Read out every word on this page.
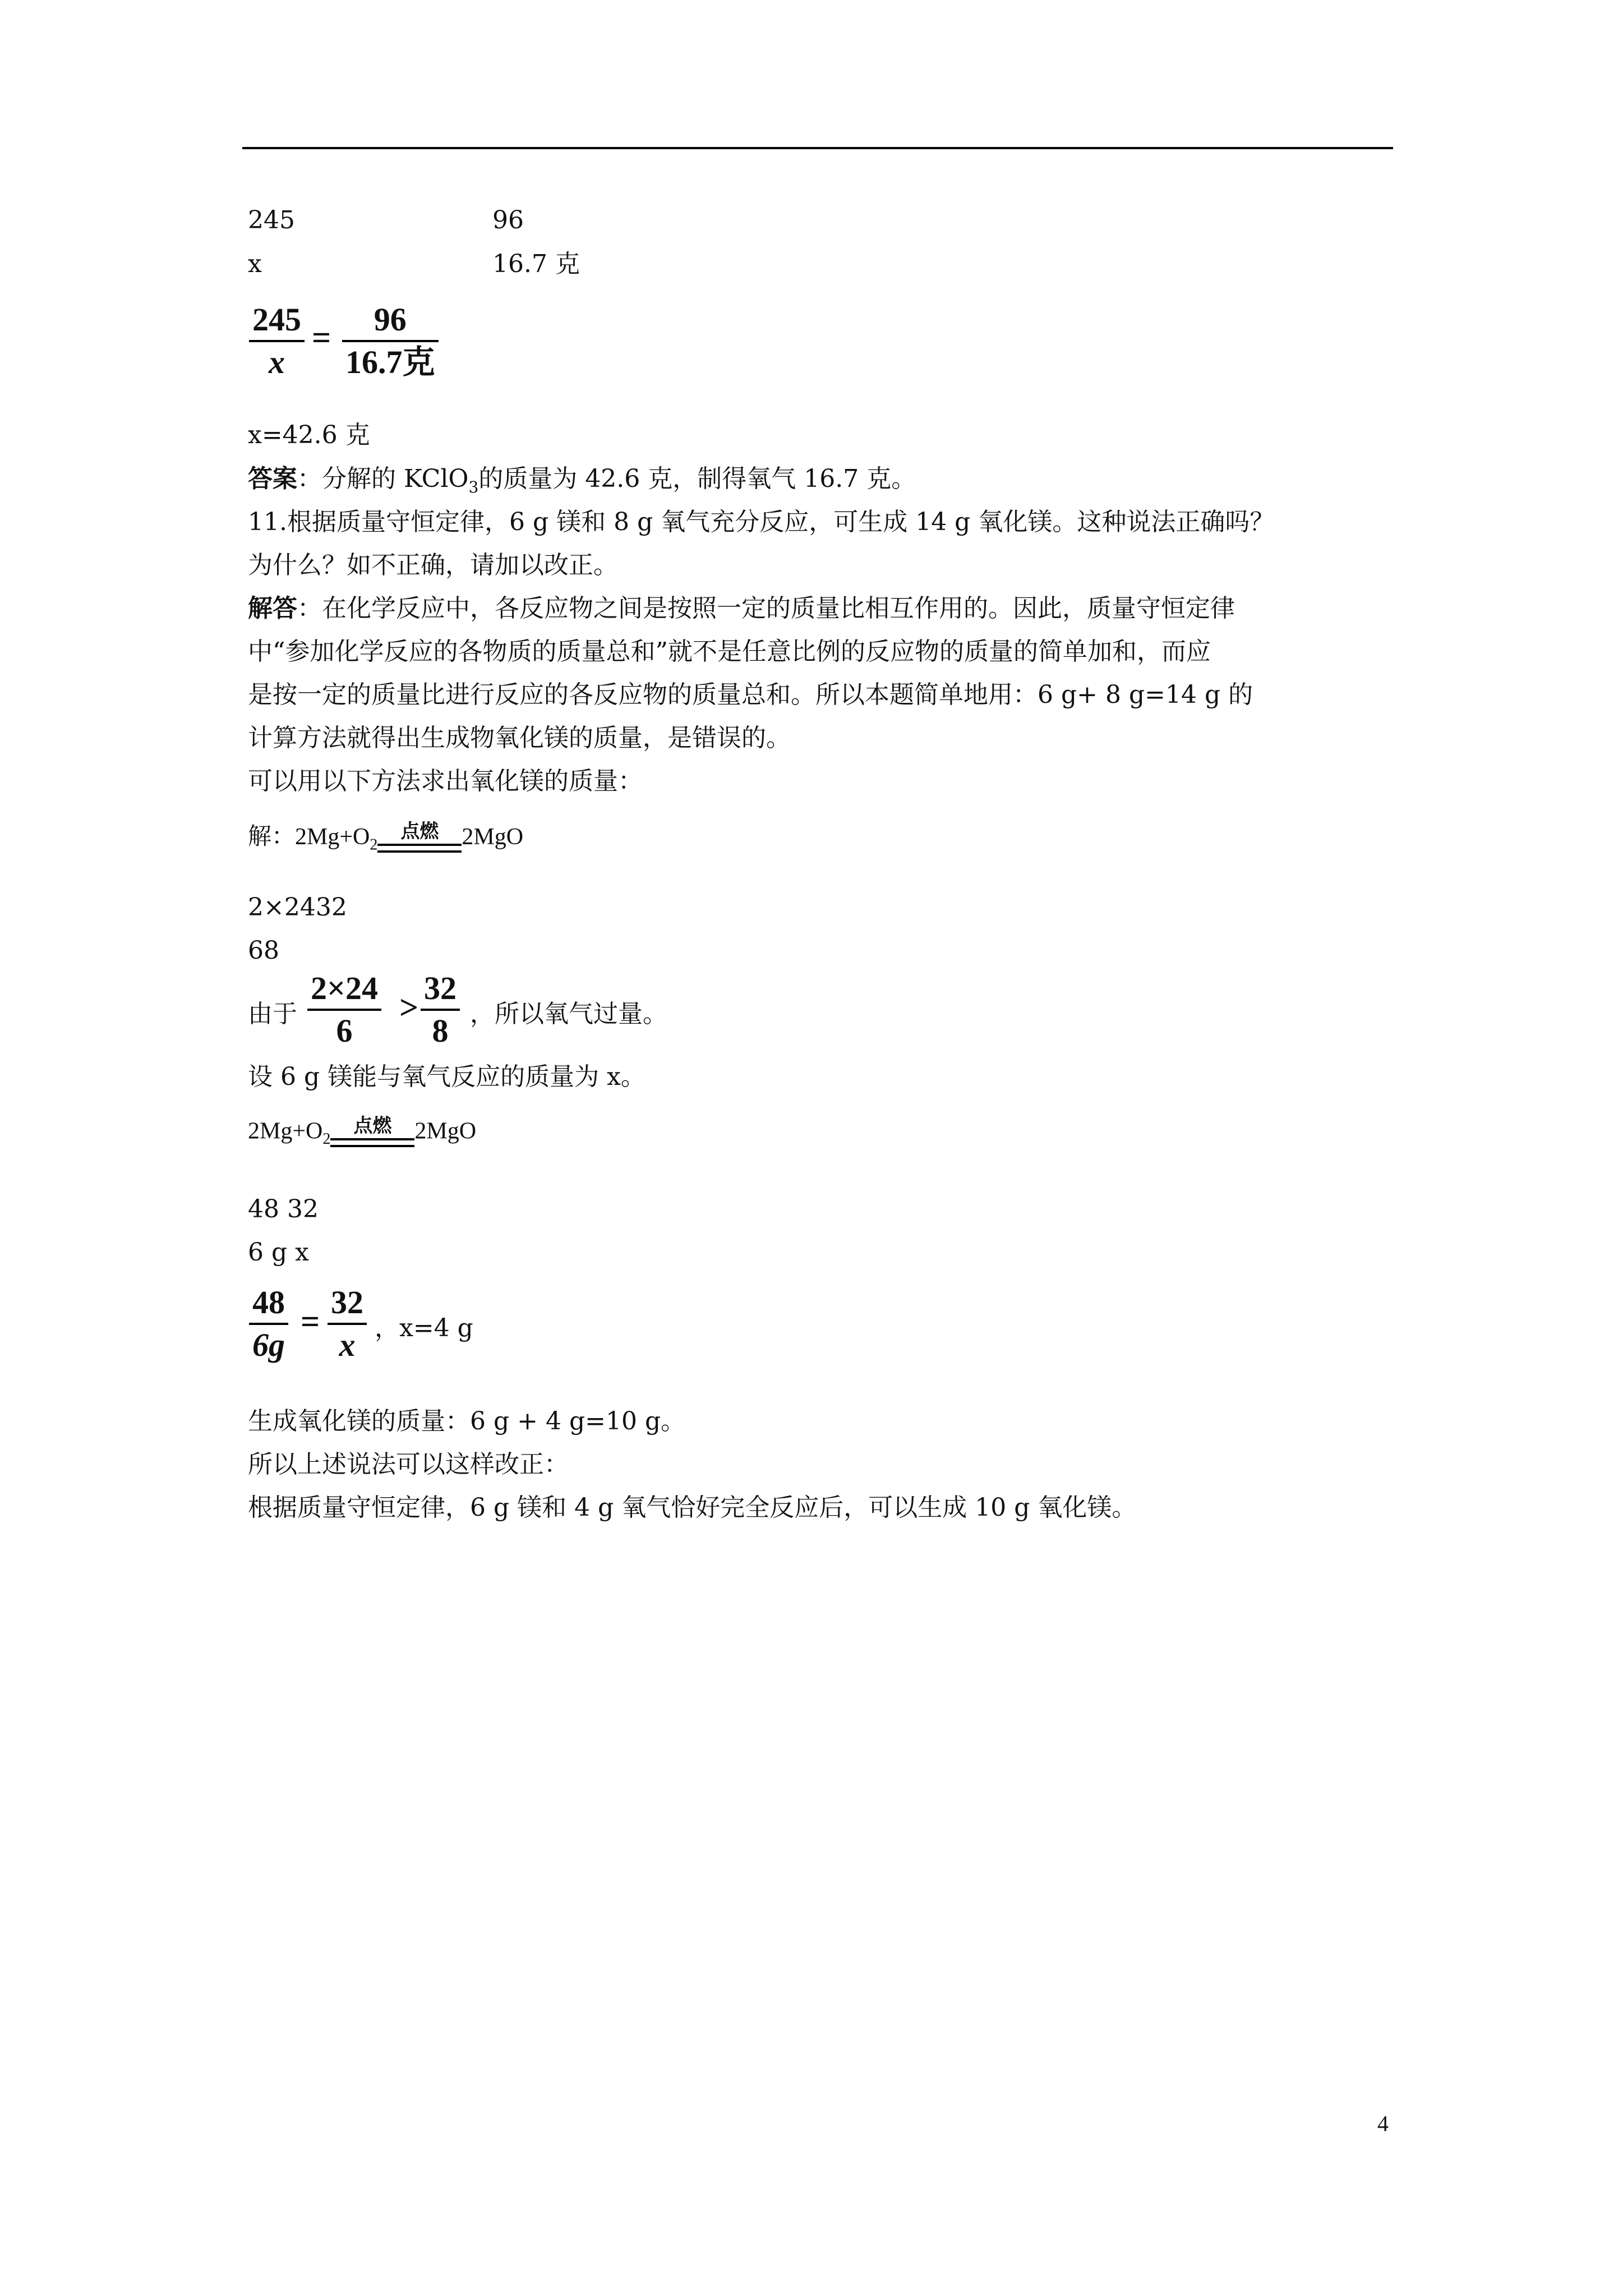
245	96
x	16.7 克
$\frac{245}{x}$ =	96
16.7克
x=42.6 克
答案：分解的 KClO$_3$的质量为 42.6 克，制得氧气 16.7 克。
11.根据质量守恒定律，6 g 镁和 8 g 氧气充分反应，可生成 14 g 氧化镁。这种说法正确吗？
为什么？如不正确，请加以改正。
解答：在化学反应中，各反应物之间是按照一定的质量比相互作用的。因此，质量守恒定律
中“参加化学反应的各物质的质量总和”就不是任意比例的反应物的质量的简单加和，而应
是按一定的质量比进行反应的各反应物的质量总和。所以本题简单地用：6 g+ 8 g=14 g 的
计算方法就得出生成物氧化镁的质量，是错误的。
可以用以下方法求出氧化镁的质量：
解：$2Mg+O_2$
点燃 2MgO
2×2432
68
由于 $\frac{2\times 24}{6} > \frac{32}{8}$ ，所以氧气过量。
设 6 g 镁能与氧气反应的质量为 x。
$2Mg+O_2$
点燃 2MgO
48 32
6 g x
$\frac{48}{6g} = \frac{32}{x}$ ，x=4 g
生成氧化镁的质量：6 g + 4 g=10 g。
所以上述说法可以这样改正：
根据质量守恒定律，6 g 镁和 4 g 氧气恰好完全反应后，可以生成 10 g 氧化镁。
4
